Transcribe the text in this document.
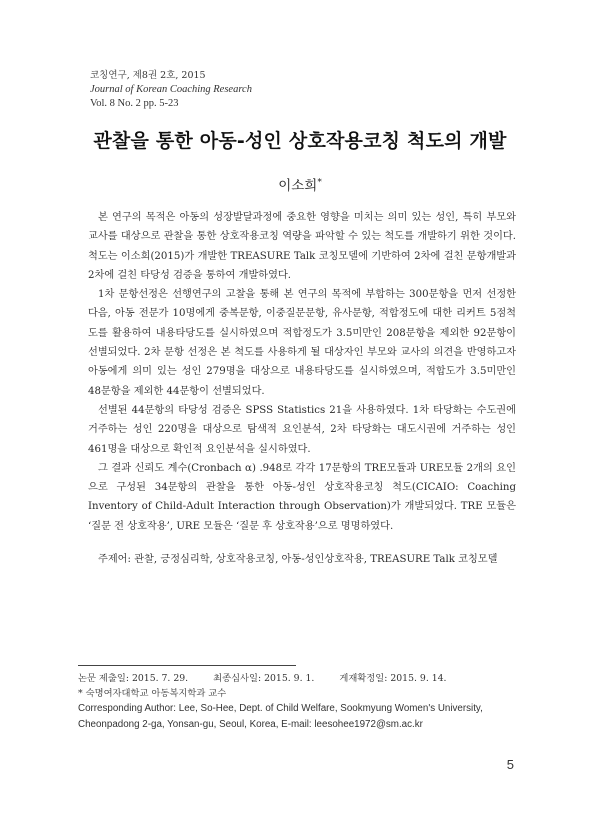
코칭연구, 제8권 2호, 2015
Journal of Korean Coaching Research
Vol. 8 No. 2 pp. 5-23
관찰을 통한 아동-성인 상호작용코칭 척도의 개발
이소희*

본 연구의 목적은 아동의 성장발달과정에 중요한 영향을 미치는 의미 있는 성인, 특히 부모와 교사를 대상으로 관찰을 통한 상호작용코칭 역량을 파악할 수 있는 척도를 개발하기 위한 것이다. 척도는 이소희(2015)가 개발한 TREASURE Talk 코칭모델에 기반하여 2차에 걸친 문항개발과 2차에 걸친 타당성 검증을 통하여 개발하였다.

1차 문항선정은 선행연구의 고찰을 통해 본 연구의 목적에 부합하는 300문항을 먼저 선정한 다음, 아동 전문가 10명에게 중복문항, 이중질문문항, 유사문항, 적합정도에 대한 리커트 5점척도를 활용하여 내용타당도를 실시하였으며 적합정도가 3.5미만인 208문항을 제외한 92문항이 선별되었다. 2차 문항 선정은 본 척도를 사용하게 될 대상자인 부모와 교사의 의견을 반영하고자 아동에게 의미 있는 성인 279명을 대상으로 내용타당도를 실시하였으며, 적합도가 3.5미만인 48문항을 제외한 44문항이 선별되었다.

선별된 44문항의 타당성 검증은 SPSS Statistics 21을 사용하였다. 1차 타당화는 수도권에 거주하는 성인 220명을 대상으로 탐색적 요인분석, 2차 타당화는 대도시권에 거주하는 성인 461명을 대상으로 확인적 요인분석을 실시하였다.

그 결과 신뢰도 계수(Cronbach α) .948로 각각 17문항의 TRE모듈과 URE모듈 2개의 요인으로 구성된 34문항의 관찰을 통한 아동-성인 상호작용코칭 척도(CICAIO: Coaching Inventory of Child-Adult Interaction through Observation)가 개발되었다. TRE 모듈은 ‘질문 전 상호작용’, URE 모듈은 ‘질문 후 상호작용’으로 명명하였다.

주제어: 관찰, 긍정심리학, 상호작용코칭, 아동-성인상호작용, TREASURE Talk 코칭모델

논문 제출일: 2015. 7. 29.	최종심사일: 2015. 9. 1.	게재확정일: 2015. 9. 14.
* 숙명여자대학교 아동복지학과 교수
Corresponding Author: Lee, So-Hee, Dept. of Child Welfare, Sookmyung Women's University,
Cheonpadong 2-ga, Yonsan-gu, Seoul, Korea, E-mail: leesohee1972@sm.ac.kr
5
